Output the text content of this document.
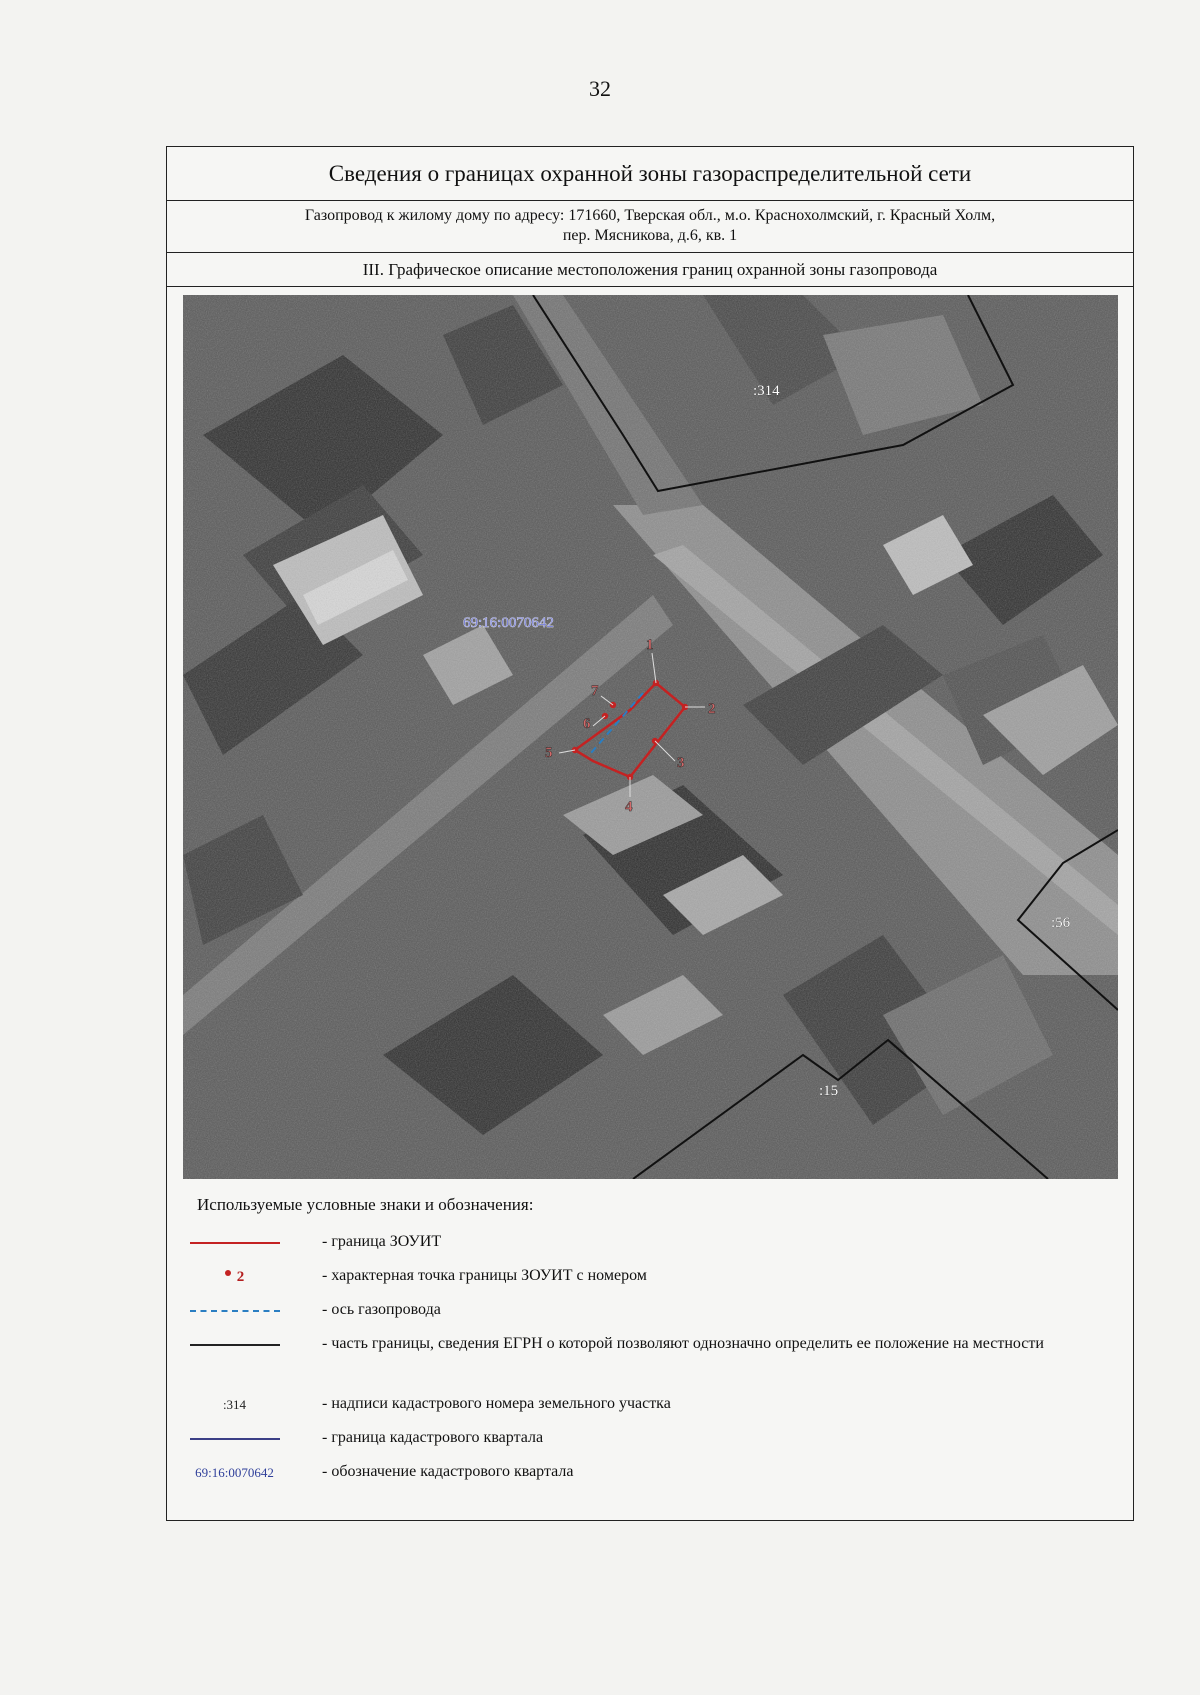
32
Сведения о границах охранной зоны газораспределительной сети
Газопровод к жилому дому по адресу: 171660, Тверская обл., м.о. Краснохолмский, г. Красный Холм,
пер. Мясникова, д.6, кв. 1
III. Графическое описание местоположения границ охранной зоны газопровода
1
2
3
4
5
6
7
69:16:0070642
:314
:56
:15
Используемые условные знаки и обозначения:
- граница ЗОУИТ
2	- характерная точка границы ЗОУИТ с номером
- ось газопровода
- часть границы, сведения ЕГРН о которой позволяют однозначно определить ее положение на местности
:314	- надписи кадастрового номера земельного участка
- граница кадастрового квартала
69:16:0070642	- обозначение кадастрового квартала
